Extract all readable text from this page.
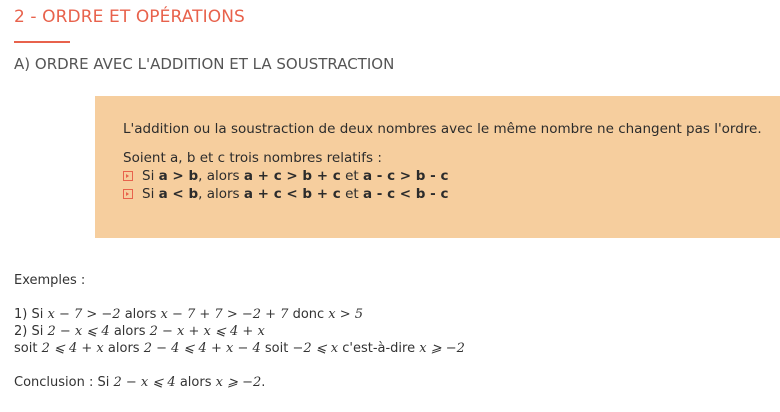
2 - ORDRE ET OPÉRATIONS
A) ORDRE AVEC L'ADDITION ET LA SOUSTRACTION

L'addition ou la soustraction de deux nombres avec le même nombre ne changent pas l'ordre.

Soient a, b et c trois nombres relatifs :

Si a > b , alors a + c > b + c et a - c > b - c

Si a < b , alors a + c < b + c et a - c < b - c

Exemples :

1) Si x − 7 > −2 alors x − 7 + 7 > −2 + 7 donc x > 5

2) Si 2 − x ⩽ 4 alors 2 − x + x ⩽ 4 + x

soit 2 ⩽ 4 + x alors 2 − 4 ⩽ 4 + x − 4 soit −2 ⩽ x c'est-à-dire x ⩾ −2

Conclusion : Si 2 − x ⩽ 4 alors x ⩾ −2.
